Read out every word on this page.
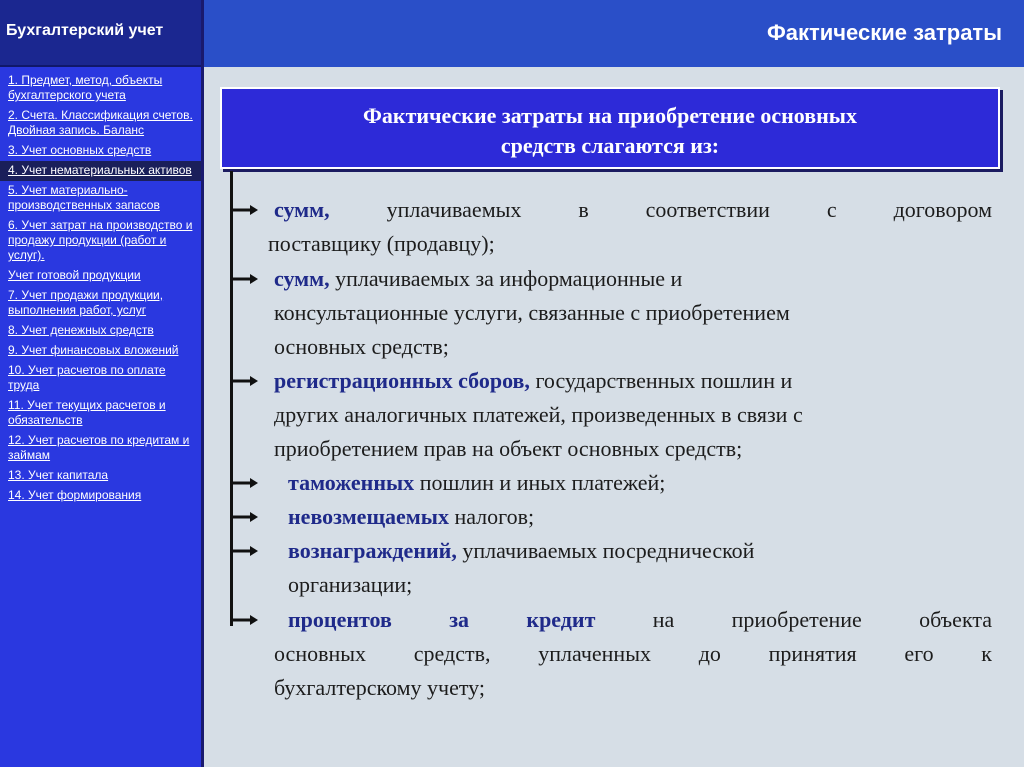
Бухгалтерский учет
1. Предмет, метод, объекты бухгалтерского учета
2. Счета. Классификация счетов. Двойная запись. Баланс
3. Учет основных средств
4. Учет нематериальных активов
5. Учет материально-производственных запасов
6. Учет затрат на производство и продажу продукции (работ и услуг).
Учет готовой продукции
7. Учет продажи продукции, выполнения работ, услуг
8. Учет денежных средств
9. Учет финансовых вложений
10. Учет расчетов по оплате труда
11. Учет текущих расчетов и обязательств
12. Учет расчетов по кредитам и займам
13. Учет капитала
14. Учет формирования
Фактические затраты
Фактические затраты на приобретение основных
средств слагаются из:
сумм, уплачиваемых в соответствии с договором
поставщику (продавцу);
сумм, уплачиваемых за информационные и
консультационные услуги, связанные с приобретением
основных средств;
регистрационных сборов, государственных пошлин и
других аналогичных платежей, произведенных в связи с
приобретением прав на объект основных средств;
таможенных пошлин и иных платежей;
невозмещаемых налогов;
вознаграждений, уплачиваемых посреднической
организации;
процентов за кредит на приобретение объекта
основных средств, уплаченных до принятия его к
бухгалтерскому учету;
